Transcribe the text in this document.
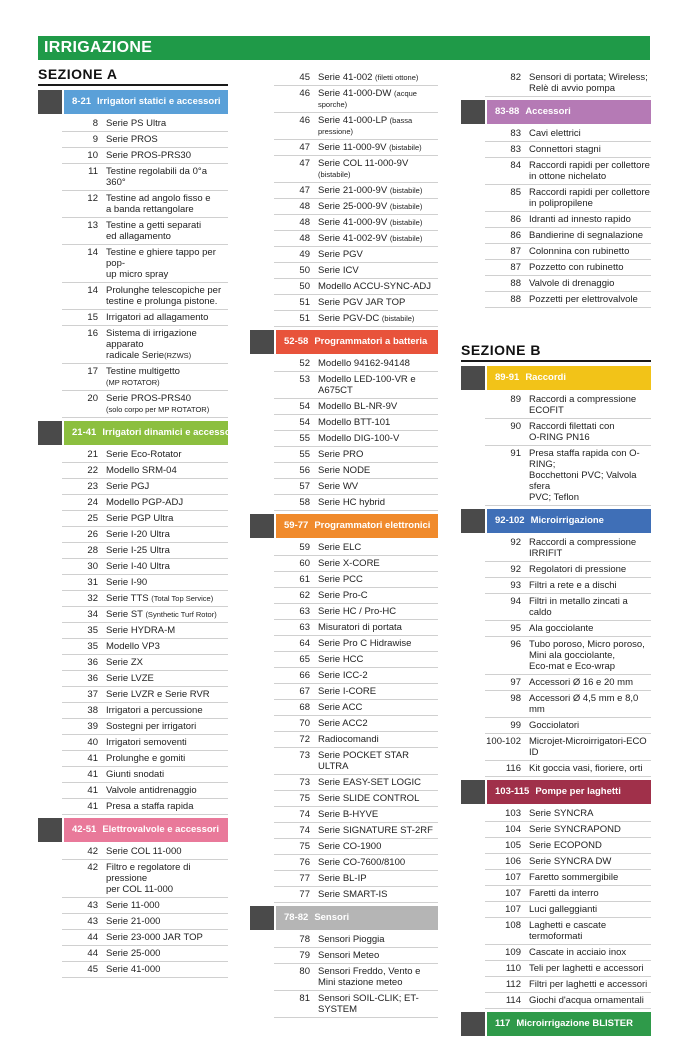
IRRIGAZIONE
SEZIONE A
8-21 Irrigatori statici e accessori
8 Serie PS Ultra
9 Serie PROS
10 Serie PROS-PRS30
11 Testine regolabili da 0°a 360°
12 Testine ad angolo fisso e
a banda rettangolare
13 Testine a getti separati
ed allagamento
14 Testine e ghiere tappo per pop-
up micro spray
14 Prolunghe telescopiche per
testine e prolunga pistone.
15 Irrigatori ad allagamento
16 Sistema di irrigazione apparato
radicale Serie(RZWS)
17 Testine multigetto
(MP ROTATOR)
20 Serie PROS-PRS40
(solo corpo per MP ROTATOR)
21-41 Irrigatori dinamici e accessori
21 Serie Eco-Rotator
22 Modello SRM-04
23 Serie PGJ
24 Modello PGP-ADJ
25 Serie PGP Ultra
26 Serie I-20 Ultra
28 Serie I-25 Ultra
30 Serie I-40 Ultra
31 Serie I-90
32 Serie TTS (Total Top Service)
34 Serie ST (Synthetic Turf Rotor)
35 Serie HYDRA-M
35 Modello VP3
36 Serie ZX
36 Serie LVZE
37 Serie LVZR e Serie RVR
38 Irrigatori a percussione
39 Sostegni per irrigatori
40 Irrigatori semoventi
41 Prolunghe e gomiti
41 Giunti snodati
41 Valvole antidrenaggio
41 Presa a staffa rapida
42-51 Elettrovalvole e accessori
42 Serie COL 11-000
42 Filtro e regolatore di pressione
per COL 11-000
43 Serie 11-000
43 Serie 21-000
44 Serie 23-000 JAR TOP
44 Serie 25-000
45 Serie 41-000
45 Serie 41-002 (filetti ottone)
46 Serie 41-000-DW (acque sporche)
46 Serie 41-000-LP (bassa pressione)
47 Serie 11-000-9V (bistabile)
47 Serie COL 11-000-9V (bistabile)
47 Serie 21-000-9V (bistabile)
48 Serie 25-000-9V (bistabile)
48 Serie 41-000-9V (bistabile)
48 Serie 41-002-9V (bistabile)
49 Serie PGV
50 Serie ICV
50 Modello ACCU-SYNC-ADJ
51 Serie PGV JAR TOP
51 Serie PGV-DC (bistabile)
52-58 Programmatori a batteria
52 Modello 94162-94148
53 Modello LED-100-VR e A675CT
54 Modello BL-NR-9V
54 Modello BTT-101
55 Modello DIG-100-V
55 Serie PRO
56 Serie NODE
57 Serie WV
58 Serie HC hybrid
59-77 Programmatori elettronici
59 Serie ELC
60 Serie X-CORE
61 Serie PCC
62 Serie Pro-C
63 Serie HC / Pro-HC
63 Misuratori di portata
64 Serie Pro C Hidrawise
65 Serie HCC
66 Serie ICC-2
67 Serie I-CORE
68 Serie ACC
70 Serie ACC2
72 Radiocomandi
73 Serie POCKET STAR ULTRA
73 Serie EASY-SET LOGIC
75 Serie SLIDE CONTROL
74 Serie B-HYVE
74 Serie SIGNATURE ST-2RF
75 Serie CO-1900
76 Serie CO-7600/8100
77 Serie BL-IP
77 Serie SMART-IS
78-82 Sensori
78 Sensori Pioggia
79 Sensori Meteo
80 Sensori Freddo, Vento e
Mini stazione meteo
81 Sensori SOIL-CLIK; ET-SYSTEM
82 Sensori di portata; Wireless;
Relè di avvio pompa
83-88 Accessori
83 Cavi elettrici
83 Connettori stagni
84 Raccordi rapidi per collettore
in ottone nichelato
85 Raccordi rapidi per collettore
in polipropilene
86 Idranti ad innesto rapido
86 Bandierine di segnalazione
87 Colonnina con rubinetto
87 Pozzetto con rubinetto
88 Valvole di drenaggio
88 Pozzetti per elettrovalvole
SEZIONE B
89-91 Raccordi
89 Raccordi a compressione ECOFIT
90 Raccordi filettati con
O-RING PN16
91 Presa staffa rapida con O-RING;
Bocchettoni PVC; Valvola sfera
PVC; Teflon
92-102 Microirrigazione
92 Raccordi a compressione IRRIFIT
92 Regolatori di pressione
93 Filtri a rete e a dischi
94 Filtri in metallo zincati a caldo
95 Ala gocciolante
96 Tubo poroso, Micro poroso,
Mini ala gocciolante,
Eco-mat e Eco-wrap
97 Accessori Ø 16 e 20 mm
98 Accessori Ø 4,5 mm e 8,0 mm
99 Gocciolatori
100-102 Microjet-Microirrigatori-ECO ID
116 Kit goccia vasi, fioriere, orti
103-115 Pompe per laghetti
103 Serie SYNCRA
104 Serie SYNCRAPOND
105 Serie ECOPOND
106 Serie SYNCRA DW
107 Faretto sommergibile
107 Faretti da interro
107 Luci galleggianti
108 Laghetti e cascate termoformati
109 Cascate in acciaio inox
110 Teli per laghetti e accessori
112 Filtri per laghetti e accessori
114 Giochi d'acqua ornamentali
117 Microirrigazione BLISTER
